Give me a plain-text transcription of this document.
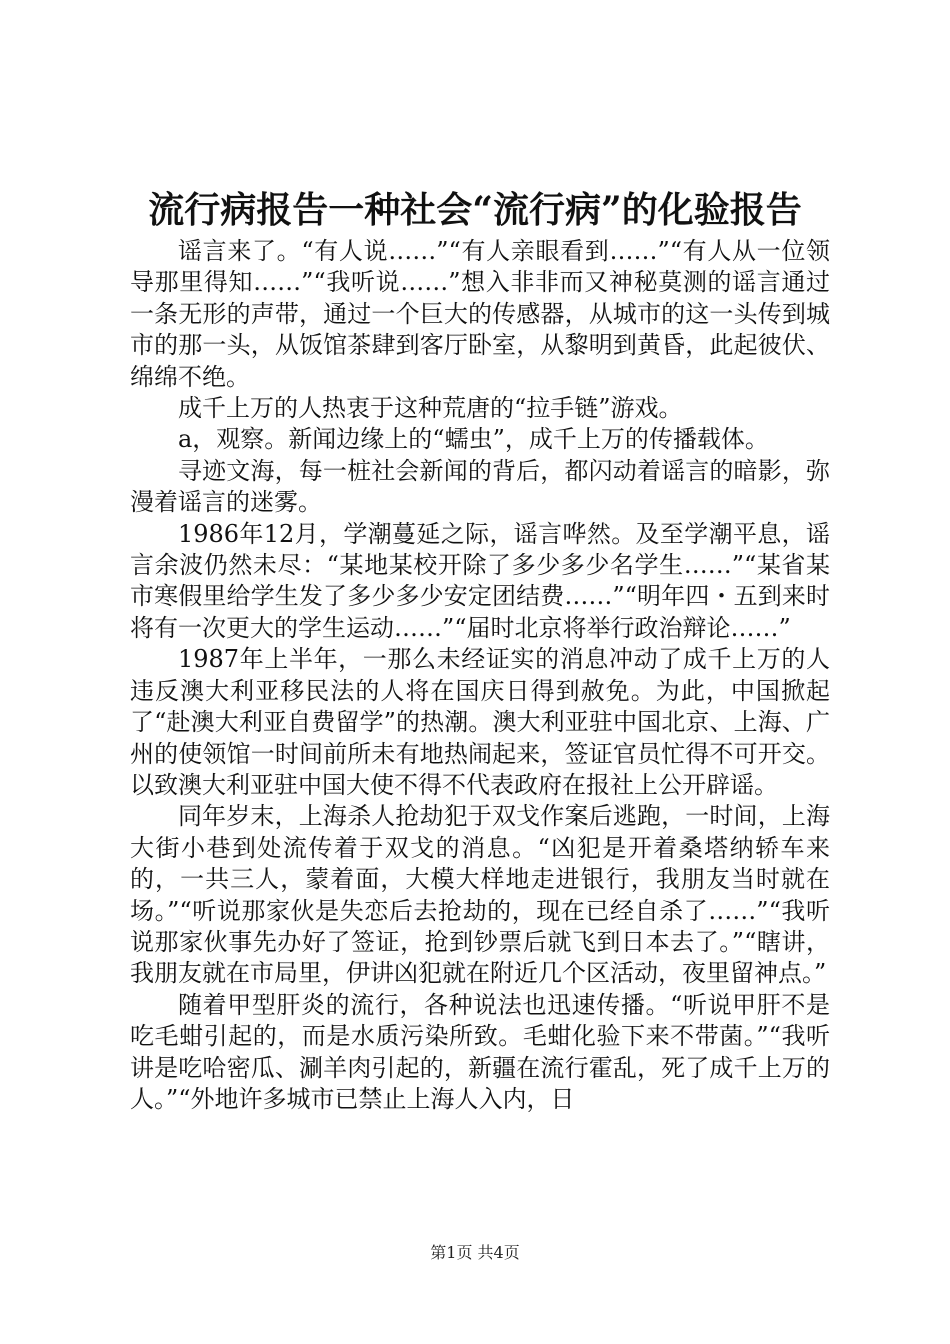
流行病报告一种社会“流行病”的化验报告

谣言来了。“有人说……”“有人亲眼看到……”“有人从一位领导那里得知……”“我听说……”想入非非而又神秘莫测的谣言通过一条无形的声带，通过一个巨大的传感器，从城市的这一头传到城市的那一头，从饭馆茶肆到客厅卧室，从黎明到黄昏，此起彼伏、绵绵不绝。

成千上万的人热衷于这种荒唐的“拉手链”游戏。

a，观察。新闻边缘上的“蠕虫”，成千上万的传播载体。

寻迹文海，每一桩社会新闻的背后，都闪动着谣言的暗影，弥漫着谣言的迷雾。

1986年12月，学潮蔓延之际，谣言哗然。及至学潮平息，谣言余波仍然未尽：“某地某校开除了多少多少名学生……”“某省某市寒假里给学生发了多少多少安定团结费……”“明年四・五到来时将有一次更大的学生运动……”“届时北京将举行政治辩论……”

1987年上半年，一那么未经证实的消息冲动了成千上万的人违反澳大利亚移民法的人将在国庆日得到赦免。为此，中国掀起了“赴澳大利亚自费留学”的热潮。澳大利亚驻中国北京、上海、广州的使领馆一时间前所未有地热闹起来，签证官员忙得不可开交。以致澳大利亚驻中国大使不得不代表政府在报社上公开辟谣。

同年岁末，上海杀人抢劫犯于双戈作案后逃跑，一时间，上海大街小巷到处流传着于双戈的消息。“凶犯是开着桑塔纳轿车来的，一共三人，蒙着面，大模大样地走进银行，我朋友当时就在场。”“听说那家伙是失恋后去抢劫的，现在已经自杀了……”“我听说那家伙事先办好了签证，抢到钞票后就飞到日本去了。”“瞎讲，我朋友就在市局里，伊讲凶犯就在附近几个区活动，夜里留神点。”

随着甲型肝炎的流行，各种说法也迅速传播。“听说甲肝不是吃毛蚶引起的，而是水质污染所致。毛蚶化验下来不带菌。”“我听讲是吃哈密瓜、涮羊肉引起的，新疆在流行霍乱，死了成千上万的人。”“外地许多城市已禁止上海人入内，日

第1页 共4页
